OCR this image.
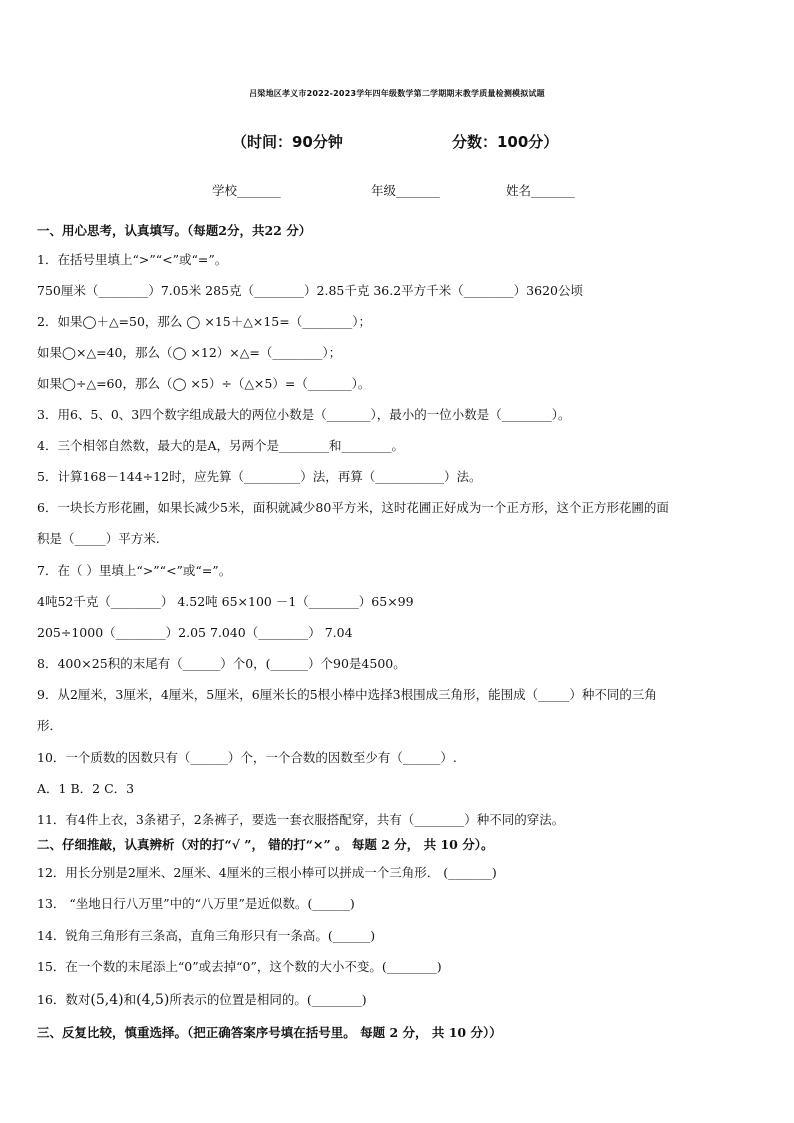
吕梁地区孝义市2022-2023学年四年级数学第二学期期末教学质量检测模拟试题
（时间：90分钟	分数：100分）
学校_______	年级_______	姓名_______
一、用心思考，认真填写。（每题2分，共22 分）
1．在括号里填上“>”“<”或“=”。
750厘米（________）7.05米 285克（________）2.85千克 36.2平方千米（________）3620公顷
2．如果◯＋△=50，那么 ◯ ×15＋△×15=（________）；
如果◯×△=40，那么（◯ ×12）×△=（________）；
如果◯÷△=60，那么（◯ ×5）÷（△×5）=（_______）。
3．用6、5、0、3四个数字组成最大的两位小数是（_______），最小的一位小数是（________）。
4．三个相邻自然数，最大的是A，另两个是________和________。
5．计算168－144÷12时，应先算（_________）法，再算（___________）法。
6．一块长方形花圃，如果长减少5米，面积就减少80平方米，这时花圃正好成为一个正方形，这个正方形花圃的面
积是（_____）平方米.
7．在（ ）里填上“>”“<”或“=”。
4吨52千克（________） 4.52吨 65×100 －1（________）65×99
205÷1000（________）2.05 7.040（________） 7.04
8．400×25积的末尾有（______）个0，(______）个90是4500。
9．从2厘米，3厘米，4厘米，5厘米，6厘米长的5根小棒中选择3根围成三角形，能围成（_____）种不同的三角
形．
10．一个质数的因数只有（______）个，一个合数的因数至少有（______）.
A．1 B．2 C．3
11．有4件上衣，3条裙子，2条裤子，要选一套衣服搭配穿，共有（________）种不同的穿法。
二、仔细推敲，认真辨析（对的打“√ ”， 错的打“×” 。 每题 2 分， 共 10 分）。
12．用长分别是2厘米、2厘米、4厘米的三根小棒可以拼成一个三角形． (_______)
13． “坐地日行八万里”中的“八万里”是近似数。(______)
14．锐角三角形有三条高，直角三角形只有一条高。(______)
15．在一个数的末尾添上“0”或去掉“0”，这个数的大小不变。(________)
16．数对(5,4)和(4,5)所表示的位置是相同的。(________)
三、反复比较，慎重选择。（把正确答案序号填在括号里。 每题 2 分， 共 10 分））
